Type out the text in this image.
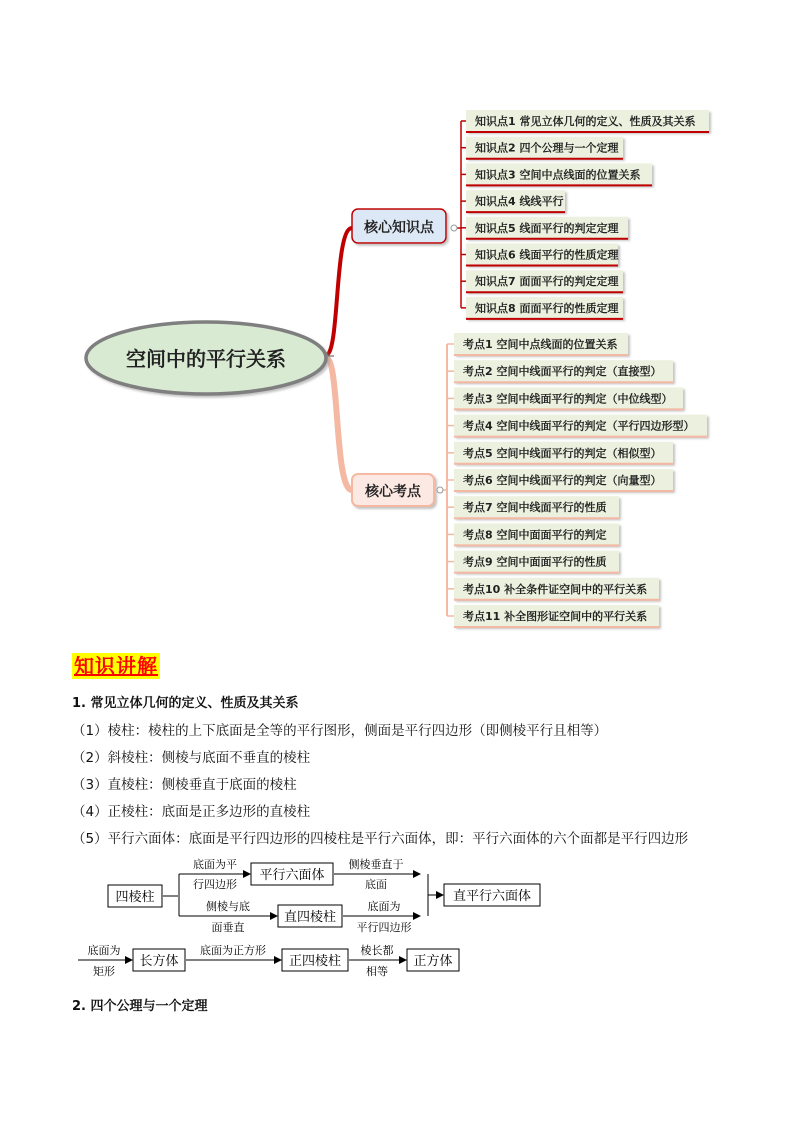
空间中的平行关系
核心知识点
核心考点
知识点1 常见立体几何的定义、性质及其关系
知识点2 四个公理与一个定理
知识点3 空间中点线面的位置关系
知识点4 线线平行
知识点5 线面平行的判定定理
知识点6 线面平行的性质定理
知识点7 面面平行的判定定理
知识点8 面面平行的性质定理
考点1 空间中点线面的位置关系
考点2 空间中线面平行的判定（直接型）
考点3 空间中线面平行的判定（中位线型）
考点4 空间中线面平行的判定（平行四边形型）
考点5 空间中线面平行的判定（相似型）
考点6 空间中线面平行的判定（向量型）
考点7 空间中线面平行的性质
考点8 空间中面面平行的判定
考点9 空间中面面平行的性质
考点10 补全条件证空间中的平行关系
考点11 补全图形证空间中的平行关系
知识讲解
1. 常见立体几何的定义、性质及其关系
（1）棱柱：棱柱的上下底面是全等的平行图形，侧面是平行四边形（即侧棱平行且相等）
（2）斜棱柱：侧棱与底面不垂直的棱柱
（3）直棱柱：侧棱垂直于底面的棱柱
（4）正棱柱：底面是正多边形的直棱柱
（5）平行六面体：底面是平行四边形的四棱柱是平行六面体，即：平行六面体的六个面都是平行四边形
2. 四个公理与一个定理
四棱柱
平行六面体
直四棱柱
直平行六面体
长方体	正四棱柱	正方体
底面为平
行四边形
侧棱垂直于
底面
侧棱与底
面垂直
底面为
平行四边形
底面为
矩形
底面为正方形	棱长都
相等
